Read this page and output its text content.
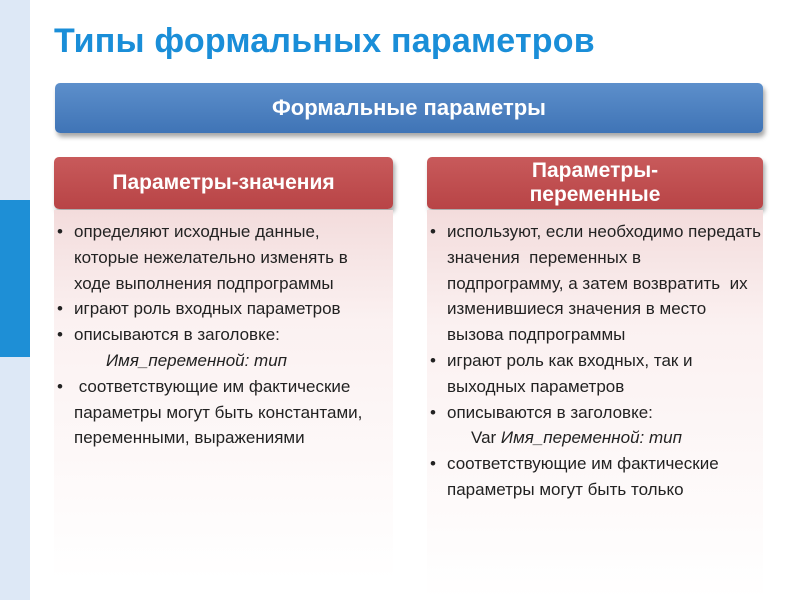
Типы формальных параметров
Формальные параметры
Параметры-значения
Параметры-переменные
• определяют исходные данные, которые нежелательно изменять в ходе выполнения подпрограммы
• играют роль входных параметров
• описываются в заголовке:
Имя_переменной: тип
• соответствующие им фактические параметры могут быть константами, переменными, выражениями
• используют, если необходимо передать значения  переменных в подпрограмму, а затем возвратить  их изменившиеся значения в место вызова подпрограммы
• играют роль как входных, так и выходных параметров
• описываются в заголовке:
Var Имя_переменной: тип
• соответствующие им фактические параметры могут быть только
